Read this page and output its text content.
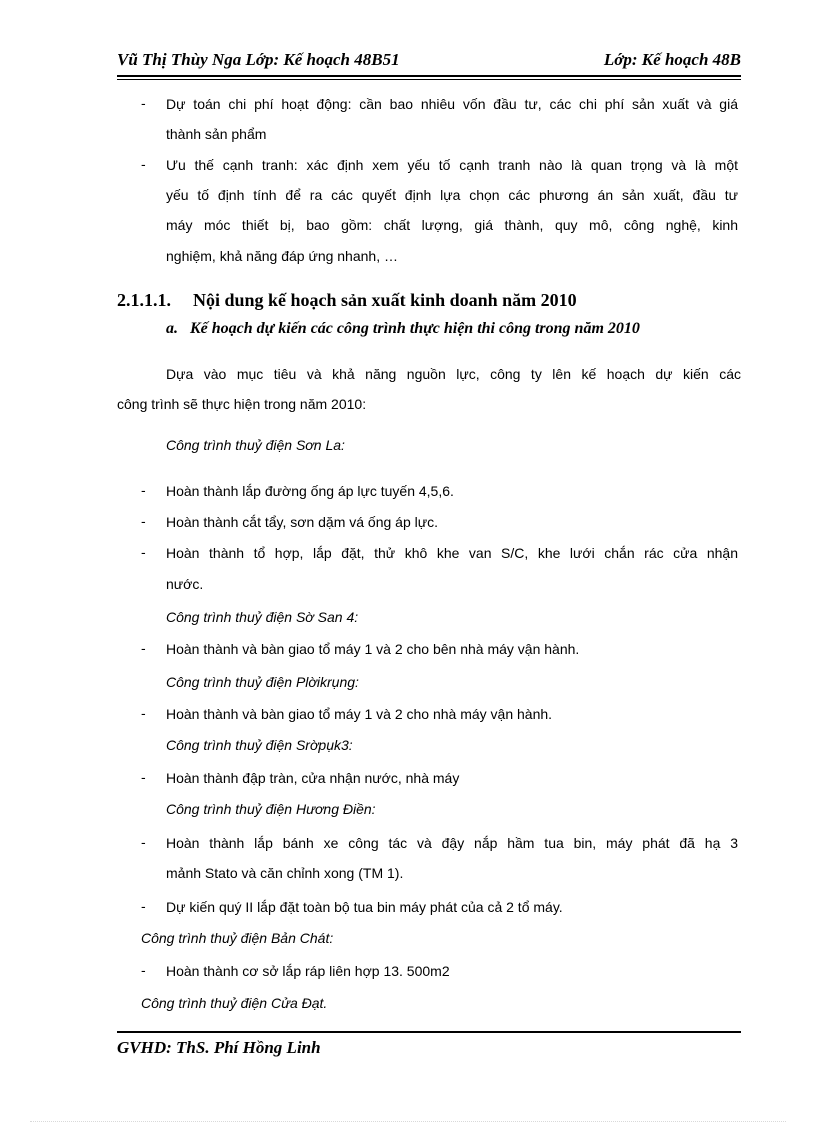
Vũ Thị Thùy Nga Lớp: Kế hoạch 48B51	Lớp: Kế hoạch 48B
- Dự toán chi phí hoạt động: cần bao nhiêu vốn đầu tư, các chi phí sản xuất và giá
thành sản phẩm
- Ưu thế cạnh tranh: xác định xem yếu tố cạnh tranh nào là quan trọng và là một
yếu tố định tính để ra các quyết định lựa chọn các phương án sản xuất, đầu tư
máy móc thiết bị, bao gồm: chất lượng, giá thành, quy mô, công nghệ, kinh
nghiệm, khả năng đáp ứng nhanh, …
2.1.1.1. Nội dung kế hoạch sản xuất kinh doanh năm 2010
a. Kế hoạch dự kiến các công trình thực hiện thi công trong năm 2010
Dựa vào mục tiêu và khả năng nguồn lực, công ty lên kế hoạch dự kiến các
công trình sẽ thực hiện trong năm 2010:
Công trình thuỷ điện Sơn La:
- Hoàn thành lắp đường ống áp lực tuyến 4,5,6.
- Hoàn thành cắt tẩy, sơn dặm vá ống áp lực.
- Hoàn thành tổ hợp, lắp đặt, thử khô khe van S/C, khe lưới chắn rác cửa nhận
nước.
Công trình thuỷ điện Sờ San 4:
- Hoàn thành và bàn giao tổ máy 1 và 2 cho bên nhà máy vận hành.
Công trình thuỷ điện Plờikrụng:
- Hoàn thành và bàn giao tổ máy 1 và 2 cho nhà máy vận hành.
Công trình thuỷ điện Srờpụk3:
- Hoàn thành đập tràn, cửa nhận nước, nhà máy
Công trình thuỷ điện Hương Điền:
- Hoàn thành lắp bánh xe công tác và đậy nắp hầm tua bin, máy phát đã hạ 3
mảnh Stato và căn chỉnh xong (TM 1).
- Dự kiến quý II lắp đặt toàn bộ tua bin máy phát của cả 2 tổ máy.
Công trình thuỷ điện Bản Chát:
- Hoàn thành cơ sở lắp ráp liên hợp 13. 500m2
Công trình thuỷ điện Cửa Đạt.
GVHD: ThS. Phí Hồng Linh
